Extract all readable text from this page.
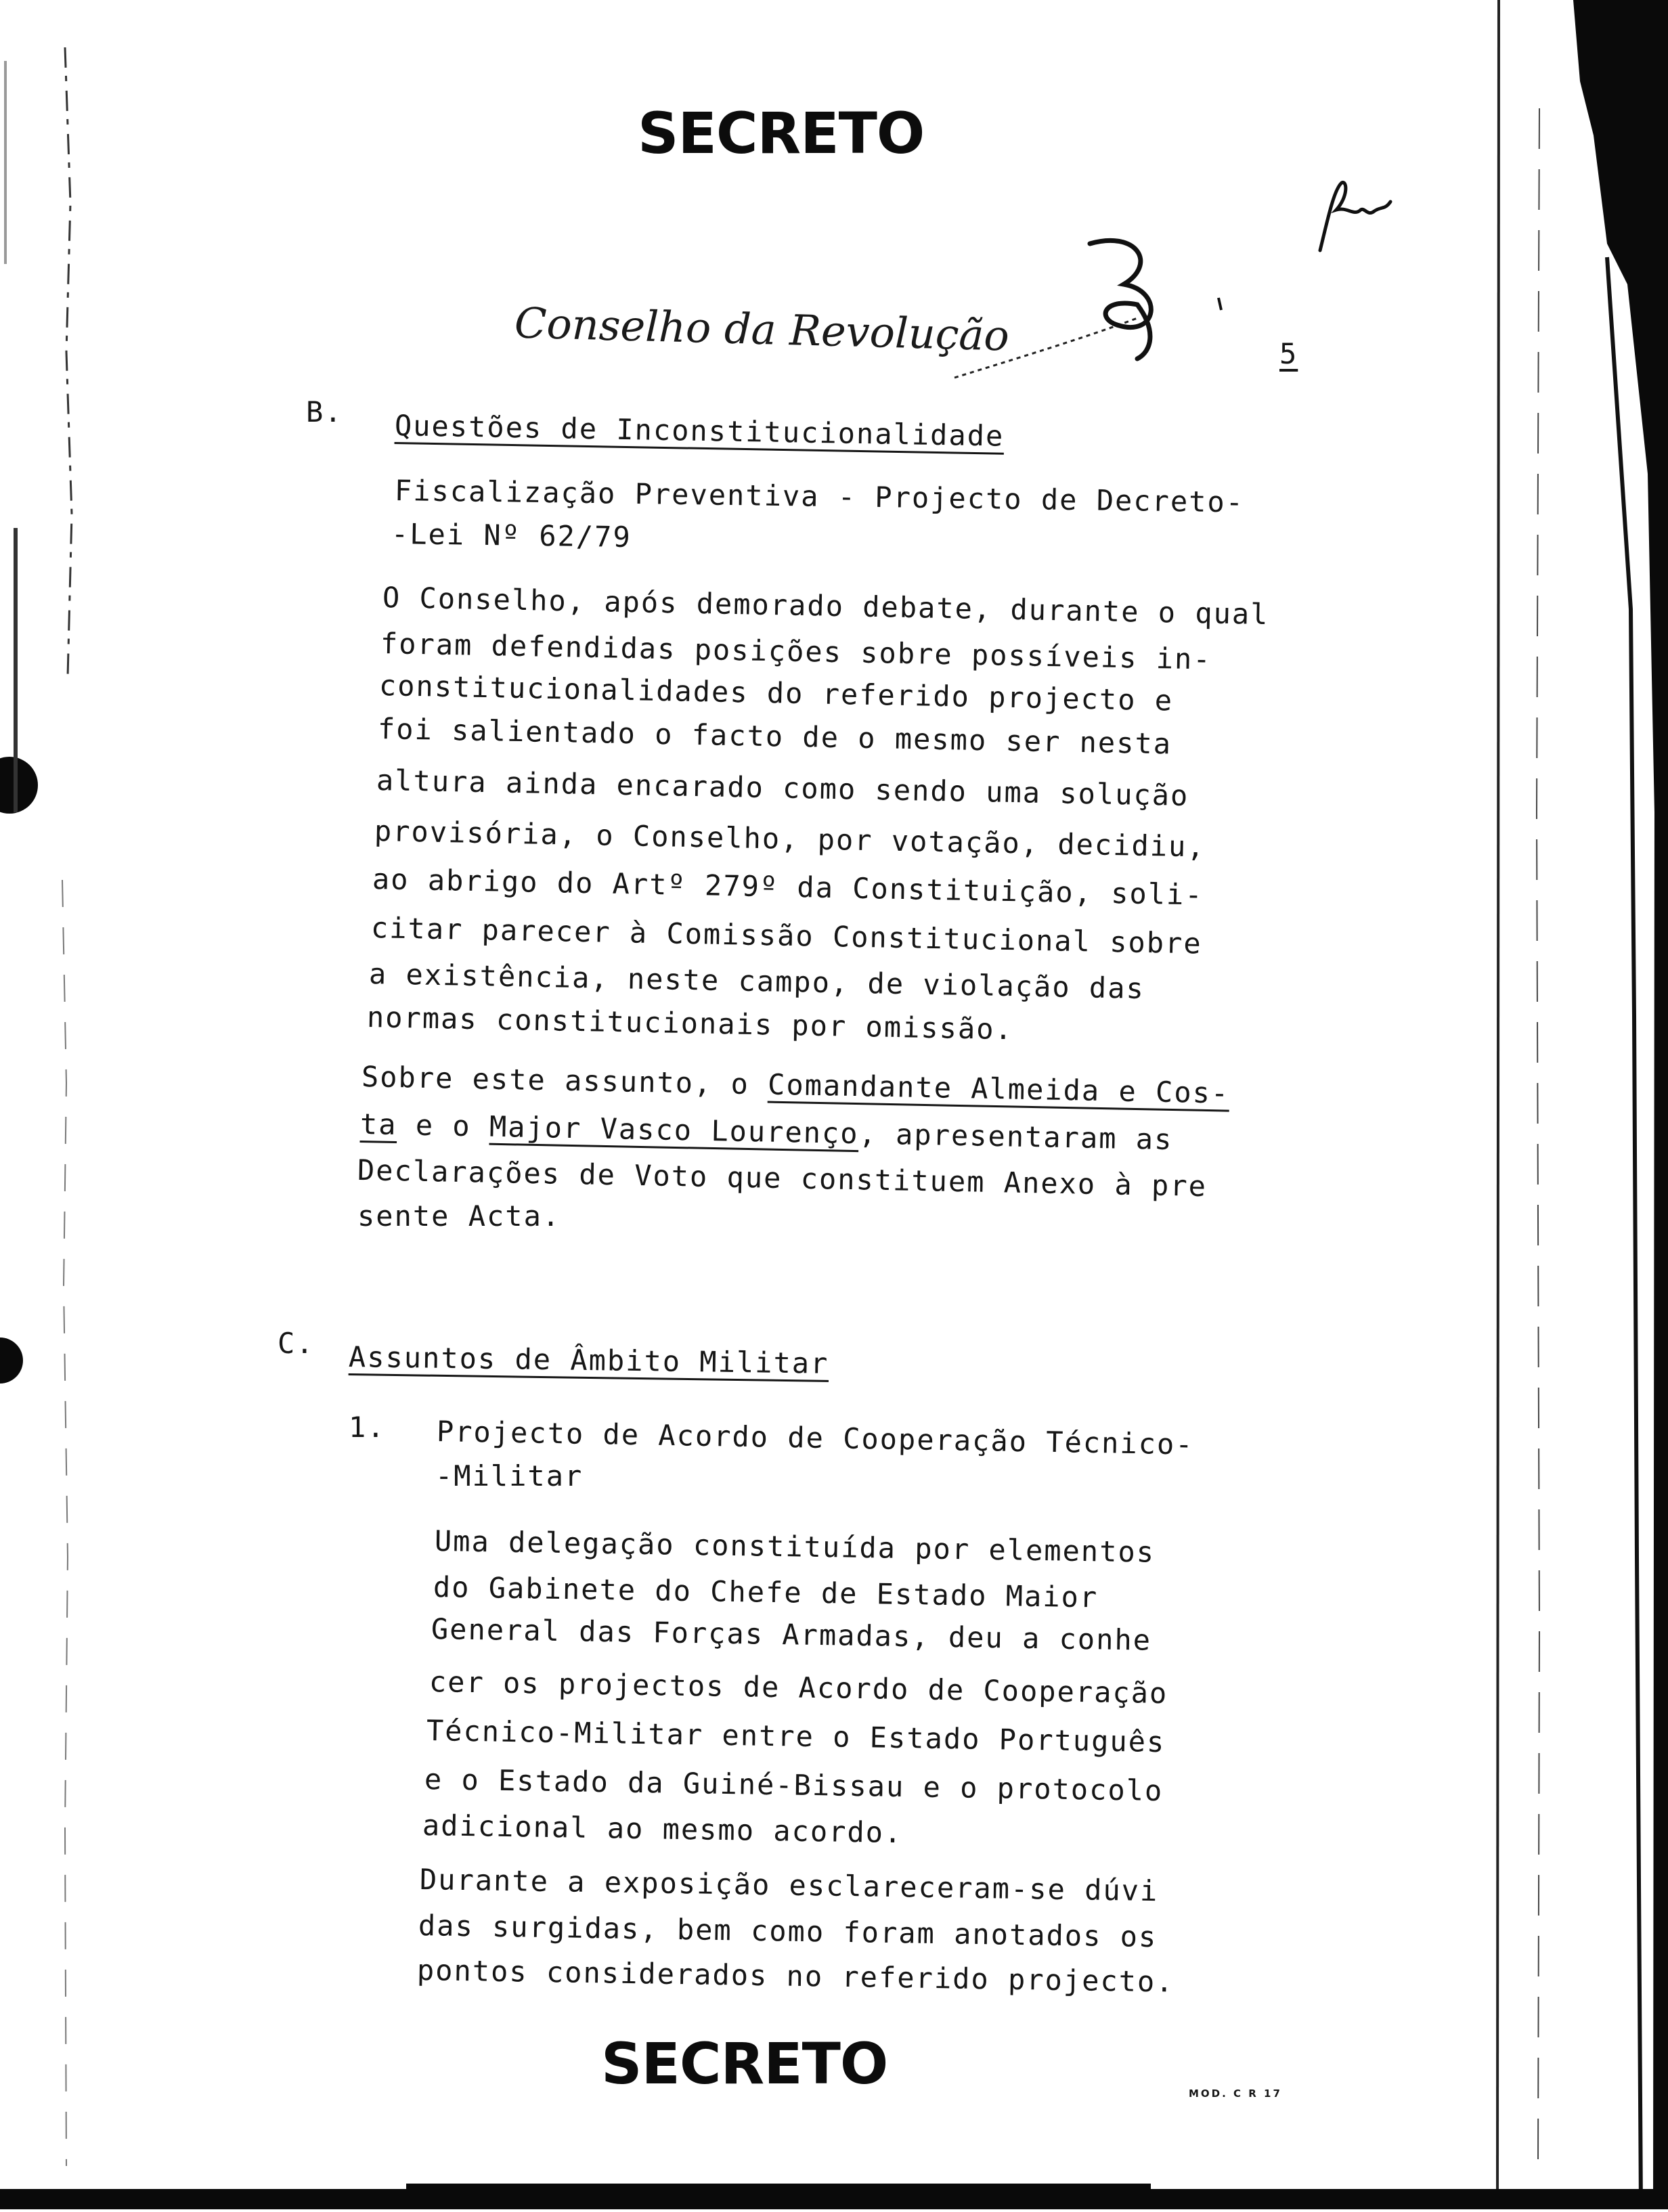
SECRETO
Conselho da Revolução	5
B. Questões de Inconstitucionalidade
Fiscalização Preventiva - Projecto de Decreto-
-Lei Nº 62/79
O Conselho, após demorado debate, durante o qual
foram defendidas posições sobre possíveis in-
constitucionalidades do referido projecto e
foi salientado o facto de o mesmo ser nesta
altura ainda encarado como sendo uma solução
provisória, o Conselho, por votação, decidiu,
ao abrigo do Artº 279º da Constituição, soli-
citar parecer à Comissão Constitucional sobre
a existência, neste campo, de violação das
normas constitucionais por omissão.
Sobre este assunto, o Comandante Almeida e Cos-
ta e o Major Vasco Lourenço, apresentaram as
Declarações de Voto que constituem Anexo à pre
sente Acta.
C. Assuntos de Âmbito Militar
1. Projecto de Acordo de Cooperação Técnico-
-Militar
Uma delegação constituída por elementos
do Gabinete do Chefe de Estado Maior
General das Forças Armadas, deu a conhe
cer os projectos de Acordo de Cooperação
Técnico-Militar entre o Estado Português
e o Estado da Guiné-Bissau e o protocolo
adicional ao mesmo acordo.
Durante a exposição esclareceram-se dúvi
das surgidas, bem como foram anotados os
pontos considerados no referido projecto.
SECRETO	MOD. C R 17
